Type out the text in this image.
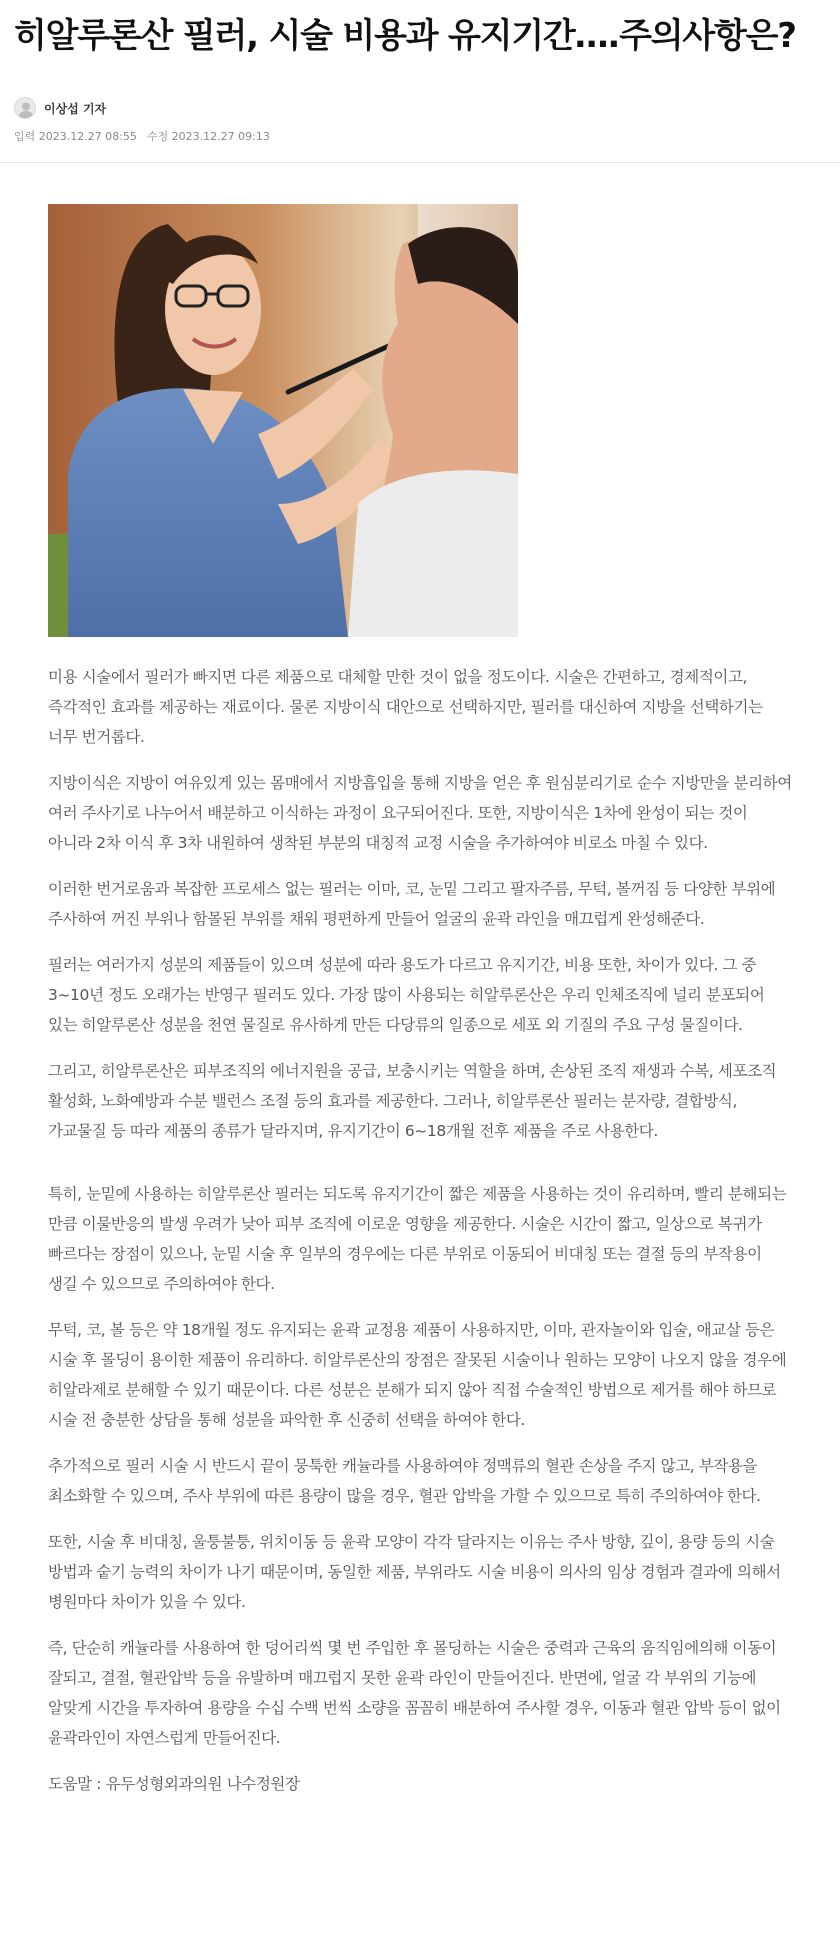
히알루론산 필러, 시술 비용과 유지기간….주의사항은?
이상섭 기자
입력 2023.12.27 08:55 수정 2023.12.27 09:13

미용 시술에서 필러가 빠지면 다른 제품으로 대체할 만한 것이 없을 정도이다. 시술은 간편하고, 경제적이고, 즉각적인 효과를 제공하는 재료이다. 물론 지방이식 대안으로 선택하지만, 필러를 대신하여 지방을 선택하기는 너무 번거롭다.

지방이식은 지방이 여유있게 있는 몸매에서 지방흡입을 통해 지방을 얻은 후 원심분리기로 순수 지방만을 분리하여 여러 주사기로 나누어서 배분하고 이식하는 과정이 요구되어진다. 또한, 지방이식은 1차에 완성이 되는 것이 아니라 2차 이식 후 3차 내원하여 생착된 부분의 대칭적 교정 시술을 추가하여야 비로소 마칠 수 있다.

이러한 번거로움과 복잡한 프로세스 없는 필러는 이마, 코, 눈밑 그리고 팔자주름, 무턱, 볼꺼짐 등 다양한 부위에 주사하여 꺼진 부위나 함몰된 부위를 채워 평편하게 만들어 얼굴의 윤곽 라인을 매끄럽게 완성해준다.

필러는 여러가지 성분의 제품들이 있으며 성분에 따라 용도가 다르고 유지기간, 비용 또한, 차이가 있다. 그 중 3~10년 정도 오래가는 반영구 필러도 있다. 가장 많이 사용되는 히알루론산은 우리 인체조직에 널리 분포되어 있는 히알루론산 성분을 천연 물질로 유사하게 만든 다당류의 일종으로 세포 외 기질의 주요 구성 물질이다.

그리고, 히알루론산은 피부조직의 에너지원을 공급, 보충시키는 역할을 하며, 손상된 조직 재생과 수복, 세포조직 활성화, 노화예방과 수분 밸런스 조절 등의 효과를 제공한다. 그러나, 히알루론산 필러는 분자량, 결합방식, 가교물질 등 따라 제품의 종류가 달라지며, 유지기간이 6~18개월 전후 제품을 주로 사용한다.

특히, 눈밑에 사용하는 히알루론산 필러는 되도록 유지기간이 짧은 제품을 사용하는 것이 유리하며, 빨리 분해되는 만큼 이물반응의 발생 우려가 낮아 피부 조직에 이로운 영향을 제공한다. 시술은 시간이 짧고, 일상으로 복귀가 빠르다는 장점이 있으나, 눈밑 시술 후 일부의 경우에는 다른 부위로 이동되어 비대칭 또는 결절 등의 부작용이 생길 수 있으므로 주의하여야 한다.

무턱, 코, 볼 등은 약 18개월 정도 유지되는 윤곽 교정용 제품이 사용하지만, 이마, 관자놀이와 입술, 애교살 등은 시술 후 몰딩이 용이한 제품이 유리하다. 히알루론산의 장점은 잘못된 시술이나 원하는 모양이 나오지 않을 경우에 히알라제로 분해할 수 있기 때문이다. 다른 성분은 분해가 되지 않아 직접 수술적인 방법으로 제거를 해야 하므로 시술 전 충분한 상담을 통해 성분을 파악한 후 신중히 선택을 하여야 한다.

추가적으로 필러 시술 시 반드시 끝이 뭉툭한 캐뉼라를 사용하여야 정맥류의 혈관 손상을 주지 않고, 부작용을 최소화할 수 있으며, 주사 부위에 따른 용량이 많을 경우, 혈관 압박을 가할 수 있으므로 특히 주의하여야 한다.

또한, 시술 후 비대칭, 울퉁불퉁, 위치이동 등 윤곽 모양이 각각 달라지는 이유는 주사 방향, 깊이, 용량 등의 시술 방법과 숱기 능력의 차이가 나기 때문이며, 동일한 제품, 부위라도 시술 비용이 의사의 임상 경험과 결과에 의해서 병원마다 차이가 있을 수 있다.

즉, 단순히 캐뉼라를 사용하여 한 덩어리씩 몇 번 주입한 후 몰딩하는 시술은 중력과 근육의 움직임에의해 이동이 잘되고, 결절, 혈관압박 등을 유발하며 매끄럽지 못한 윤곽 라인이 만들어진다. 반면에, 얼굴 각 부위의 기능에 알맞게 시간을 투자하여 용량을 수십 수백 번씩 소량을 꼼꼼히 배분하여 주사할 경우, 이동과 혈관 압박 등이 없이 윤곽라인이 자연스럽게 만들어진다.

도움말 : 유두성형외과의원 나수정원장
